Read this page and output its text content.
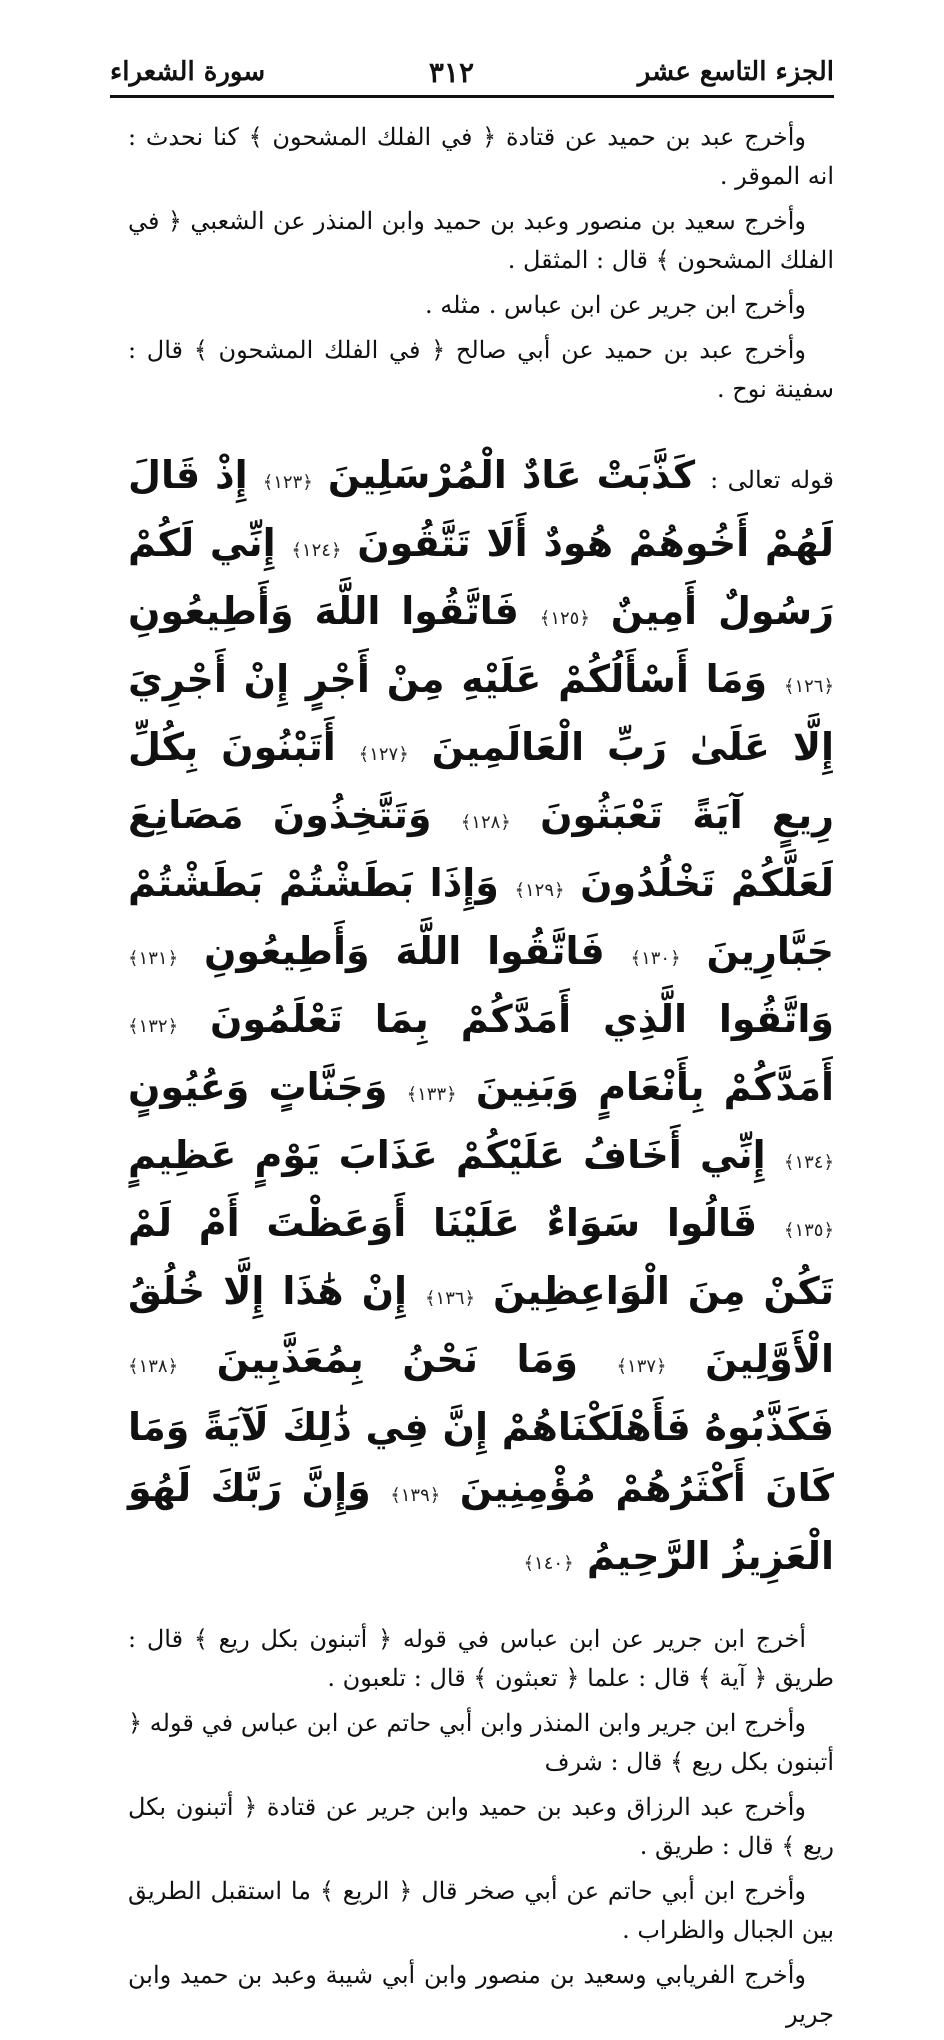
سورة الشعراء	٣١٢	الجزء التاسع عشر

وأخرج عبد بن حميد عن قتادة ﴿ في الفلك المشحون ﴾ كنا نحدث : انه الموقر .

وأخرج سعيد بن منصور وعبد بن حميد وابن المنذر عن الشعبي ﴿ في الفلك المشحون ﴾ قال : المثقل .

وأخرج ابن جرير عن ابن عباس . مثله .

وأخرج عبد بن حميد عن أبي صالح ﴿ في الفلك المشحون ﴾ قال : سفينة نوح .

قوله تعالى : كَذَّبَتْ عَادٌ الْمُرْسَلِينَ ﴿١٢٣﴾ إِذْ قَالَ لَهُمْ أَخُوهُمْ هُودٌ أَلَا تَتَّقُونَ ﴿١٢٤﴾ إِنِّي لَكُمْ رَسُولٌ أَمِينٌ ﴿١٢٥﴾ فَاتَّقُوا اللَّهَ وَأَطِيعُونِ ﴿١٢٦﴾ وَمَا أَسْأَلُكُمْ عَلَيْهِ مِنْ أَجْرٍ إِنْ أَجْرِيَ إِلَّا عَلَىٰ رَبِّ الْعَالَمِينَ ﴿١٢٧﴾ أَتَبْنُونَ بِكُلِّ رِيعٍ آيَةً تَعْبَثُونَ ﴿١٢٨﴾ وَتَتَّخِذُونَ مَصَانِعَ لَعَلَّكُمْ تَخْلُدُونَ ﴿١٢٩﴾ وَإِذَا بَطَشْتُمْ بَطَشْتُمْ جَبَّارِينَ ﴿١٣٠﴾ فَاتَّقُوا اللَّهَ وَأَطِيعُونِ ﴿١٣١﴾ وَاتَّقُوا الَّذِي أَمَدَّكُمْ بِمَا تَعْلَمُونَ ﴿١٣٢﴾ أَمَدَّكُمْ بِأَنْعَامٍ وَبَنِينَ ﴿١٣٣﴾ وَجَنَّاتٍ وَعُيُونٍ ﴿١٣٤﴾ إِنِّي أَخَافُ عَلَيْكُمْ عَذَابَ يَوْمٍ عَظِيمٍ ﴿١٣٥﴾ قَالُوا سَوَاءٌ عَلَيْنَا أَوَعَظْتَ أَمْ لَمْ تَكُنْ مِنَ الْوَاعِظِينَ ﴿١٣٦﴾ إِنْ هَٰذَا إِلَّا خُلُقُ الْأَوَّلِينَ ﴿١٣٧﴾ وَمَا نَحْنُ بِمُعَذَّبِينَ ﴿١٣٨﴾ فَكَذَّبُوهُ فَأَهْلَكْنَاهُمْ إِنَّ فِي ذَٰلِكَ لَآيَةً وَمَا كَانَ أَكْثَرُهُمْ مُؤْمِنِينَ ﴿١٣٩﴾ وَإِنَّ رَبَّكَ لَهُوَ الْعَزِيزُ الرَّحِيمُ ﴿١٤٠﴾

أخرج ابن جرير عن ابن عباس في قوله ﴿ أتبنون بكل ريع ﴾ قال : طريق ﴿ آية ﴾ قال : علما ﴿ تعبثون ﴾ قال : تلعبون .

وأخرج ابن جرير وابن المنذر وابن أبي حاتم عن ابن عباس في قوله ﴿ أتبنون بكل ريع ﴾ قال : شرف

وأخرج عبد الرزاق وعبد بن حميد وابن جرير عن قتادة ﴿ أتبنون بكل ريع ﴾ قال : طريق .

وأخرج ابن أبي حاتم عن أبي صخر قال ﴿ الريع ﴾ ما استقبل الطريق بين الجبال والظراب .

وأخرج الفريابي وسعيد بن منصور وابن أبي شيبة وعبد بن حميد وابن جرير
